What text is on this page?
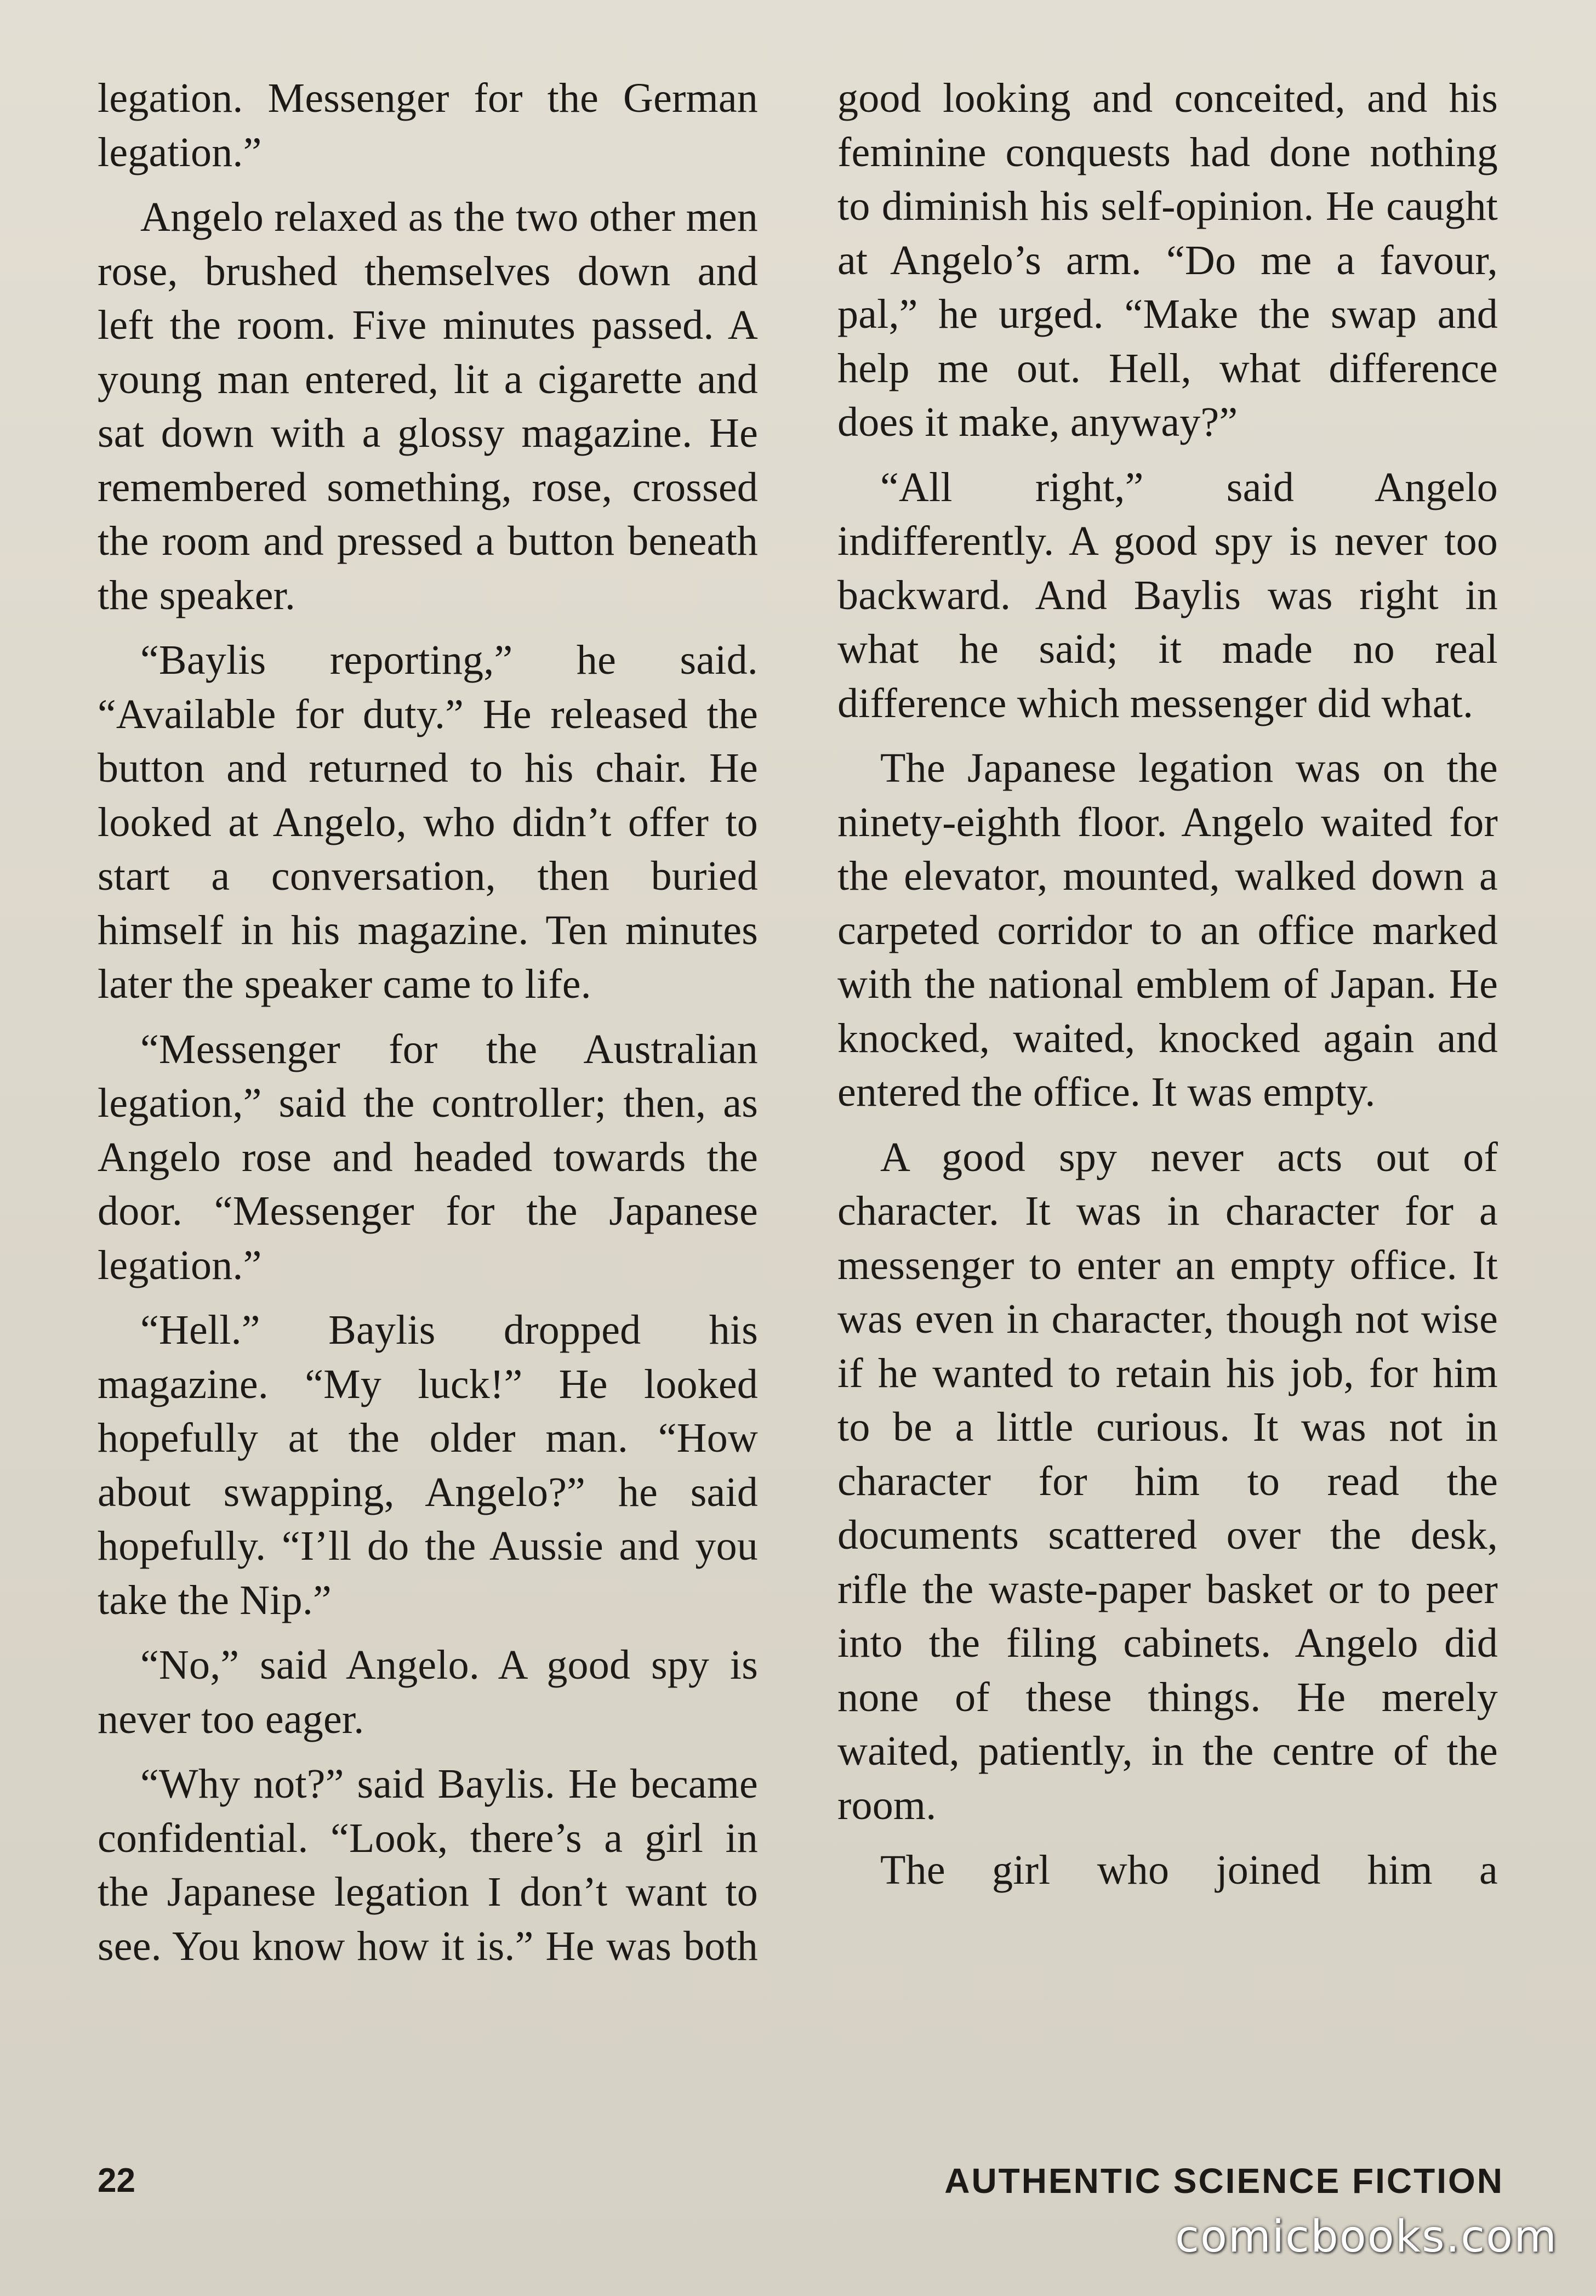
legation. Messenger for the German legation.”

Angelo relaxed as the two other men rose, brushed themselves down and left the room. Five minutes passed. A young man entered, lit a cigarette and sat down with a glossy magazine. He remembered something, rose, crossed the room and pressed a button beneath the speaker.

“Baylis reporting,” he said. “Available for duty.” He released the button and returned to his chair. He looked at Angelo, who didn’t offer to start a conversation, then buried himself in his magazine. Ten minutes later the speaker came to life.

“Messenger for the Australian legation,” said the controller; then, as Angelo rose and headed towards the door. “Messenger for the Japanese legation.”

“Hell.” Baylis dropped his magazine. “My luck!” He looked hopefully at the older man. “How about swapping, Angelo?” he said hopefully. “I’ll do the Aussie and you take the Nip.”

“No,” said Angelo. A good spy is never too eager.

“Why not?” said Baylis. He became confidential. “Look, there’s a girl in the Japanese legation I don’t want to see. You know how it is.” He was both

good looking and conceited, and his feminine conquests had done nothing to diminish his self-opinion. He caught at Angelo’s arm. “Do me a favour, pal,” he urged. “Make the swap and help me out. Hell, what difference does it make, anyway?”

“All right,” said Angelo indifferently. A good spy is never too backward. And Baylis was right in what he said; it made no real difference which messenger did what.

The Japanese legation was on the ninety-eighth floor. Angelo waited for the elevator, mounted, walked down a carpeted corridor to an office marked with the national emblem of Japan. He knocked, waited, knocked again and entered the office. It was empty.

A good spy never acts out of character. It was in character for a messenger to enter an empty office. It was even in character, though not wise if he wanted to retain his job, for him to be a little curious. It was not in character for him to read the documents scattered over the desk, rifle the waste-paper basket or to peer into the filing cabinets. Angelo did none of these things. He merely waited, patiently, in the centre of the room.

The girl who joined him a

22	AUTHENTIC SCIENCE FICTION
comicbooks.com
